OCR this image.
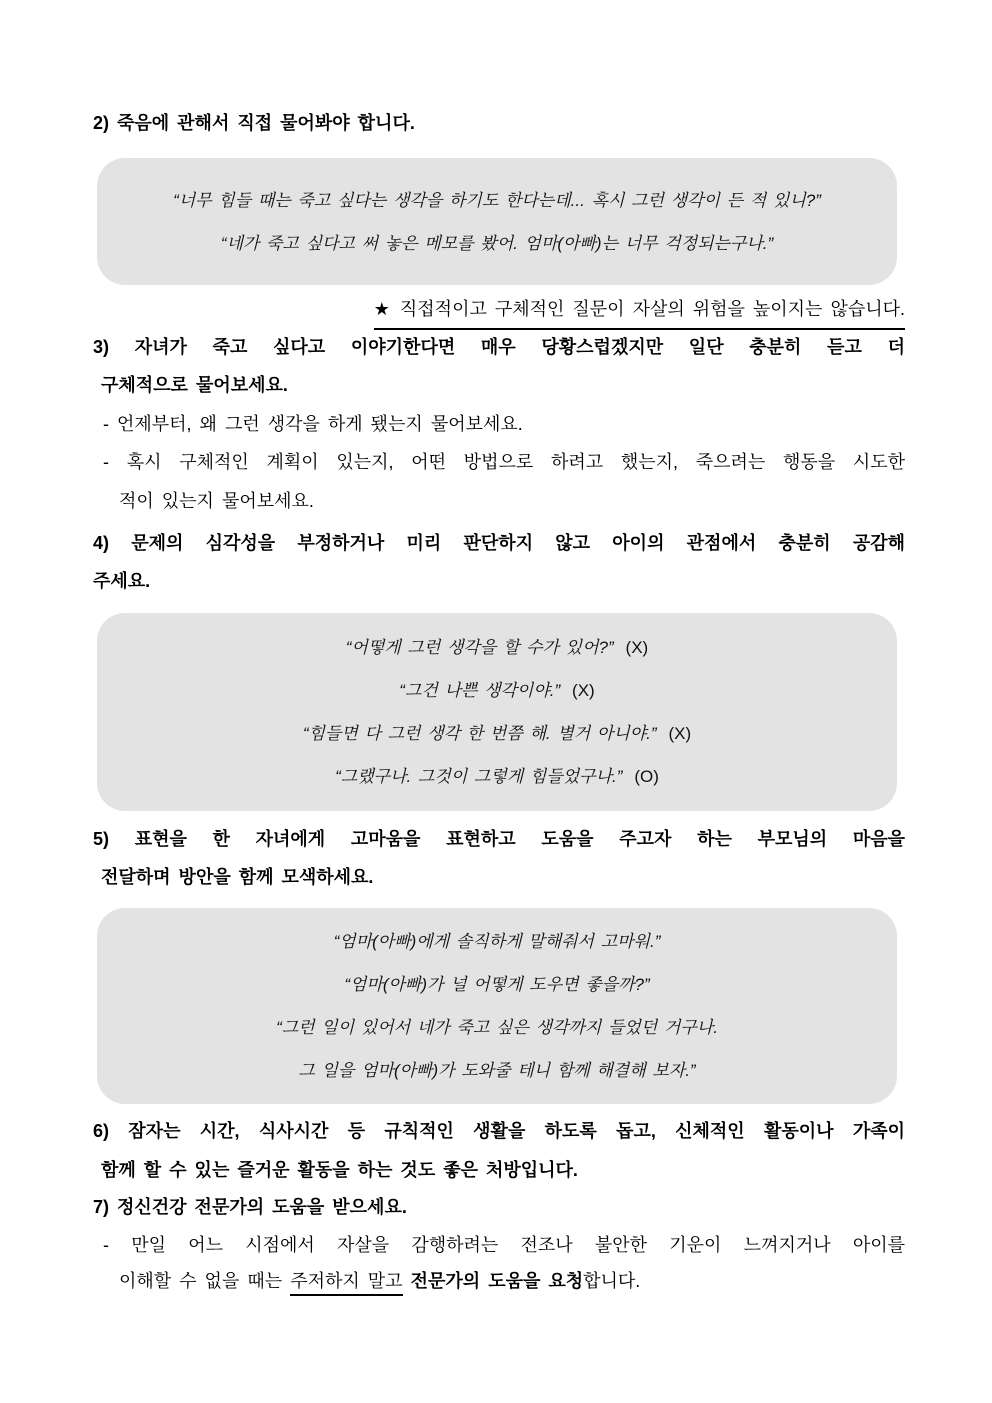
2) 죽음에 관해서 직접 물어봐야 합니다.
“너무 힘들 때는 죽고 싶다는 생각을 하기도 한다는데... 혹시 그런 생각이 든 적 있니?”
“네가 죽고 싶다고 써 놓은 메모를 봤어. 엄마(아빠)는 너무 걱정되는구나.”
★ 직접적이고 구체적인 질문이 자살의 위험을 높이지는 않습니다.
3) 자녀가 죽고 싶다고 이야기한다면 매우 당황스럽겠지만 일단 충분히 듣고 더
구체적으로 물어보세요.
- 언제부터, 왜 그런 생각을 하게 됐는지 물어보세요.
- 혹시 구체적인 계획이 있는지, 어떤 방법으로 하려고 했는지, 죽으려는 행동을 시도한
적이 있는지 물어보세요.
4) 문제의 심각성을 부정하거나 미리 판단하지 않고 아이의 관점에서 충분히 공감해
주세요.
“어떻게 그런 생각을 할 수가 있어?” (X)
“그건 나쁜 생각이야.” (X)
“힘들면 다 그런 생각 한 번쯤 해. 별거 아니야.” (X)
“그랬구나. 그것이 그렇게 힘들었구나.” (O)
5) 표현을 한 자녀에게 고마움을 표현하고 도움을 주고자 하는 부모님의 마음을
전달하며 방안을 함께 모색하세요.
“엄마(아빠)에게 솔직하게 말해줘서 고마워.”
“엄마(아빠)가 널 어떻게 도우면 좋을까?”
“그런 일이 있어서 네가 죽고 싶은 생각까지 들었던 거구나.
그 일을 엄마(아빠)가 도와줄 테니 함께 해결해 보자.”
6) 잠자는 시간, 식사시간 등 규칙적인 생활을 하도록 돕고, 신체적인 활동이나 가족이
함께 할 수 있는 즐거운 활동을 하는 것도 좋은 처방입니다.
7) 정신건강 전문가의 도움을 받으세요.
- 만일 어느 시점에서 자살을 감행하려는 전조나 불안한 기운이 느껴지거나 아이를
이해할 수 없을 때는 주저하지 말고 전문가의 도움을 요청합니다.
